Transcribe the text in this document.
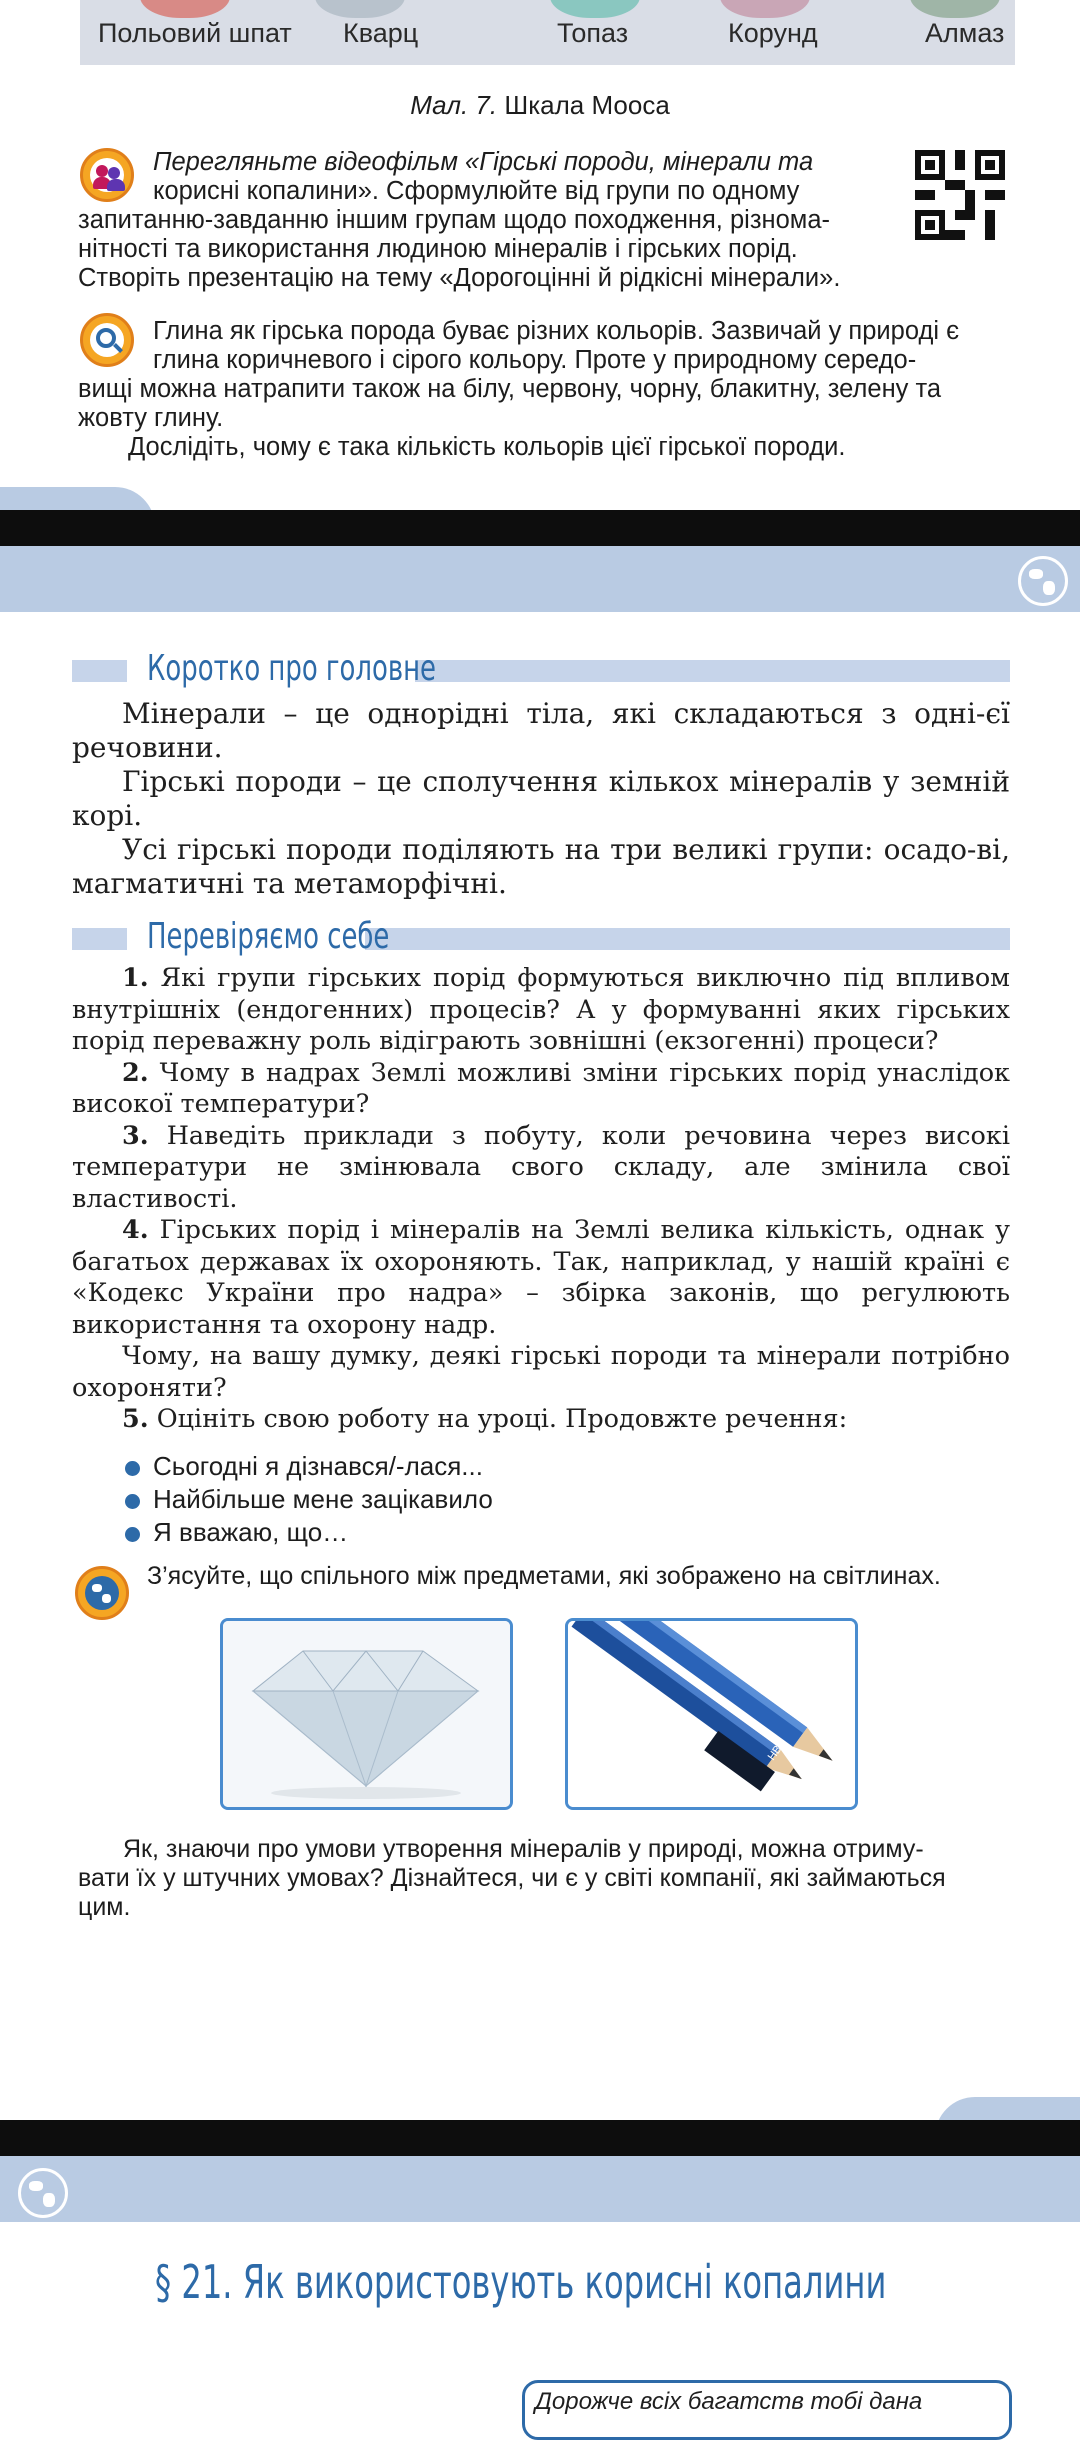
Польовий шпат Кварц	Топаз	Корунд	Алмаз
Мал. 7. Шкала Мооса
Перегляньте відеофільм «Гірські породи, мінерали та
корисні копалини». Сформулюйте від групи по одному
запитанню-завданню іншим групам щодо походження, різнома-
нітності та використання людиною мінералів і гірських порід.
Створіть презентацію на тему «Дорогоцінні й рідкісні мінерали».
Глина як гірська порода буває різних кольорів. Зазвичай у природі є
глина коричневого і сірого кольору. Проте у природному середо-
вищі можна натрапити також на білу, червону, чорну, блакитну, зелену та
жовту глину.
Дослідіть, чому є така кількість кольорів цієї гірської породи.
Коротко про головне

Мінерали – це однорідні тіла, які складаються з одні-єї речовини.

Гірські породи – це сполучення кількох мінералів у земній корі.

Усі гірські породи поділяють на три великі групи: осадо-ві, магматичні та метаморфічні.

Перевіряємо себе

1. Які групи гірських порід формуються виключно під впливом внутрішніх (ендогенних) процесів? А у формуванні яких гірських порід переважну роль відіграють зовнішні (екзогенні) процеси?

2. Чому в надрах Землі можливі зміни гірських порід унаслідок високої температури?

3. Наведіть приклади з побуту, коли речовина через високі температури не змінювала свого складу, але змінила свої властивості.

4. Гірських порід і мінералів на Землі велика кількість, однак у багатьох державах їх охороняють. Так, наприклад, у нашій країні є «Кодекс України про надра» – збірка законів, що регулюють використання та охорону надр.

Чому, на вашу думку, деякі гірські породи та мінерали потрібно охороняти?

5. Оцініть свою роботу на уроці. Продовжте речення:

Сьогодні я дізнався/-лася...
Найбільше мене зацікавило
Я вважаю, що…
З’ясуйте, що спільного між предметами, які зображено на світлинах.
HB
Як, знаючи про умови утворення мінералів у природі, можна отриму-
вати їх у штучних умовах? Дізнайтеся, чи є у світі компанії, які займаються
цим.
§ 21. Як використовують корисні копалини
Дорожче всіх багатств тобі дана
